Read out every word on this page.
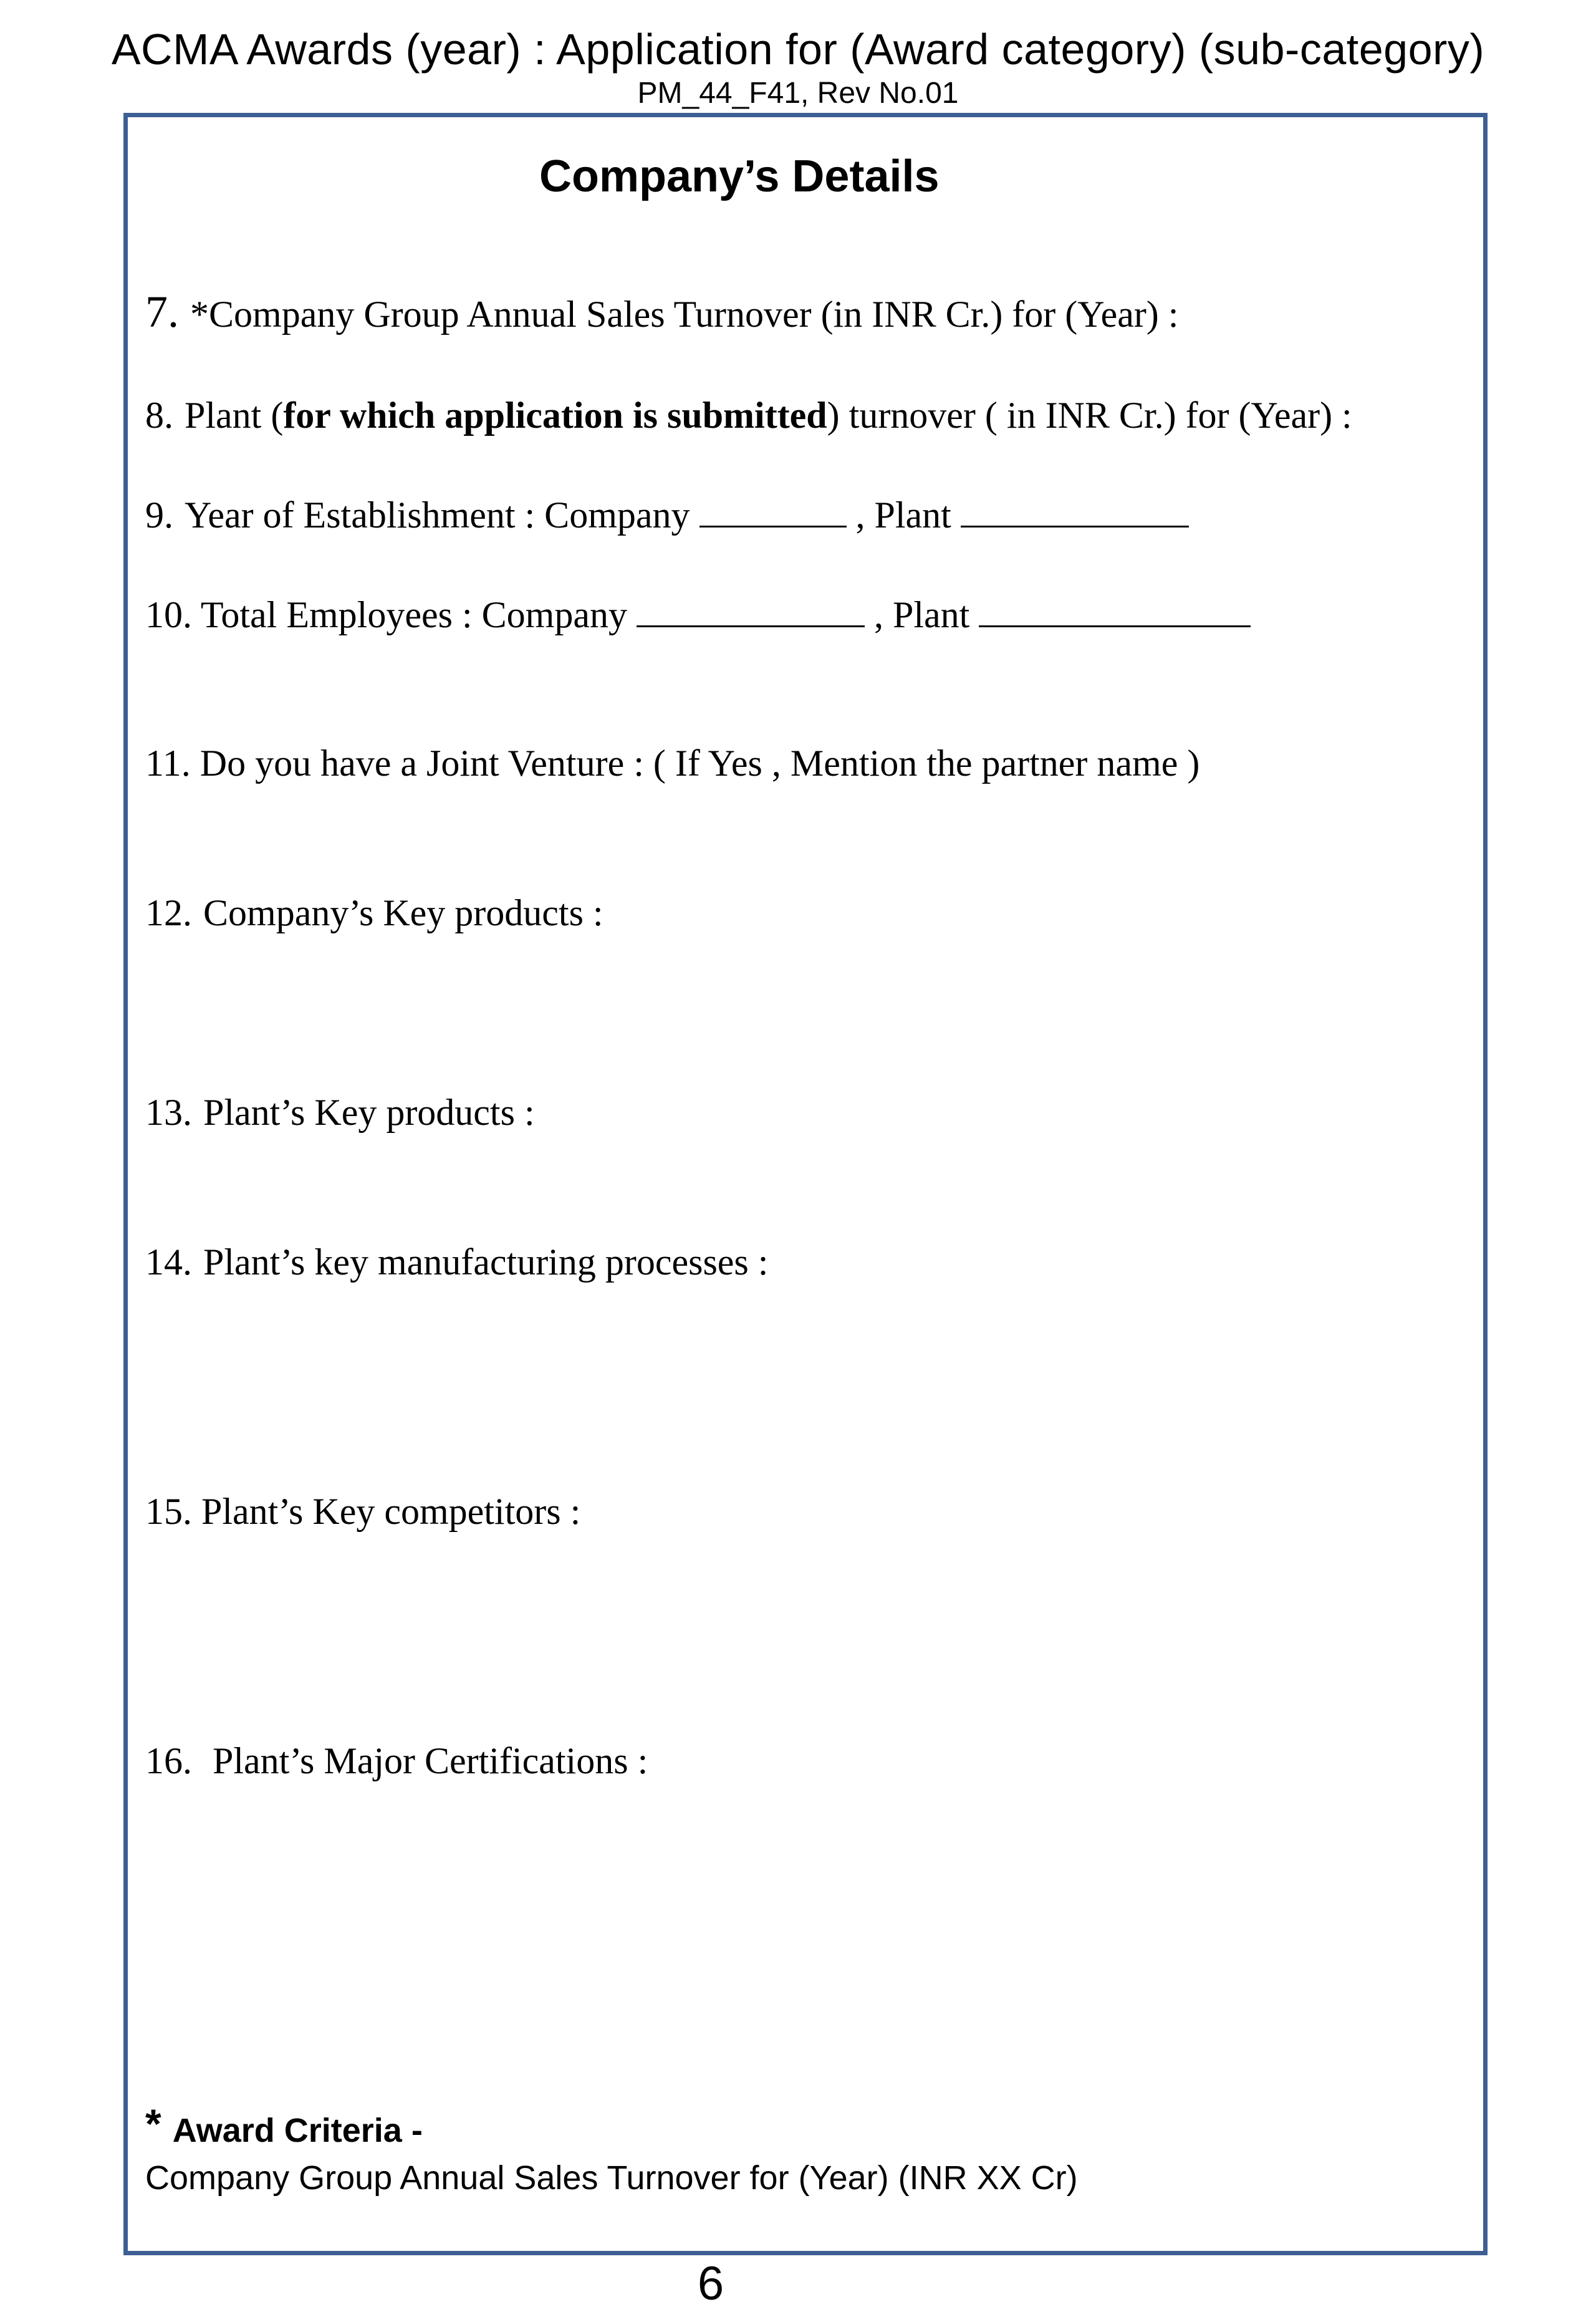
ACMA Awards (year) : Application for (Award category) (sub-category)
PM_44_F41, Rev No.01
Company’s Details
7. *Company Group Annual Sales Turnover (in INR Cr.) for (Year) :
8. Plant (for which application is submitted) turnover ( in INR Cr.) for (Year) :
9. Year of Establishment : Company	, Plant
10. Total Employees : Company	, Plant
11. Do you have a Joint Venture : ( If Yes , Mention the partner name )
12. Company’s Key products :
13. Plant’s Key products :
14. Plant’s key manufacturing processes :
15. Plant’s Key competitors :
16. Plant’s Major Certifications :
* Award Criteria -
Company Group Annual Sales Turnover for (Year) (INR XX Cr)
6
